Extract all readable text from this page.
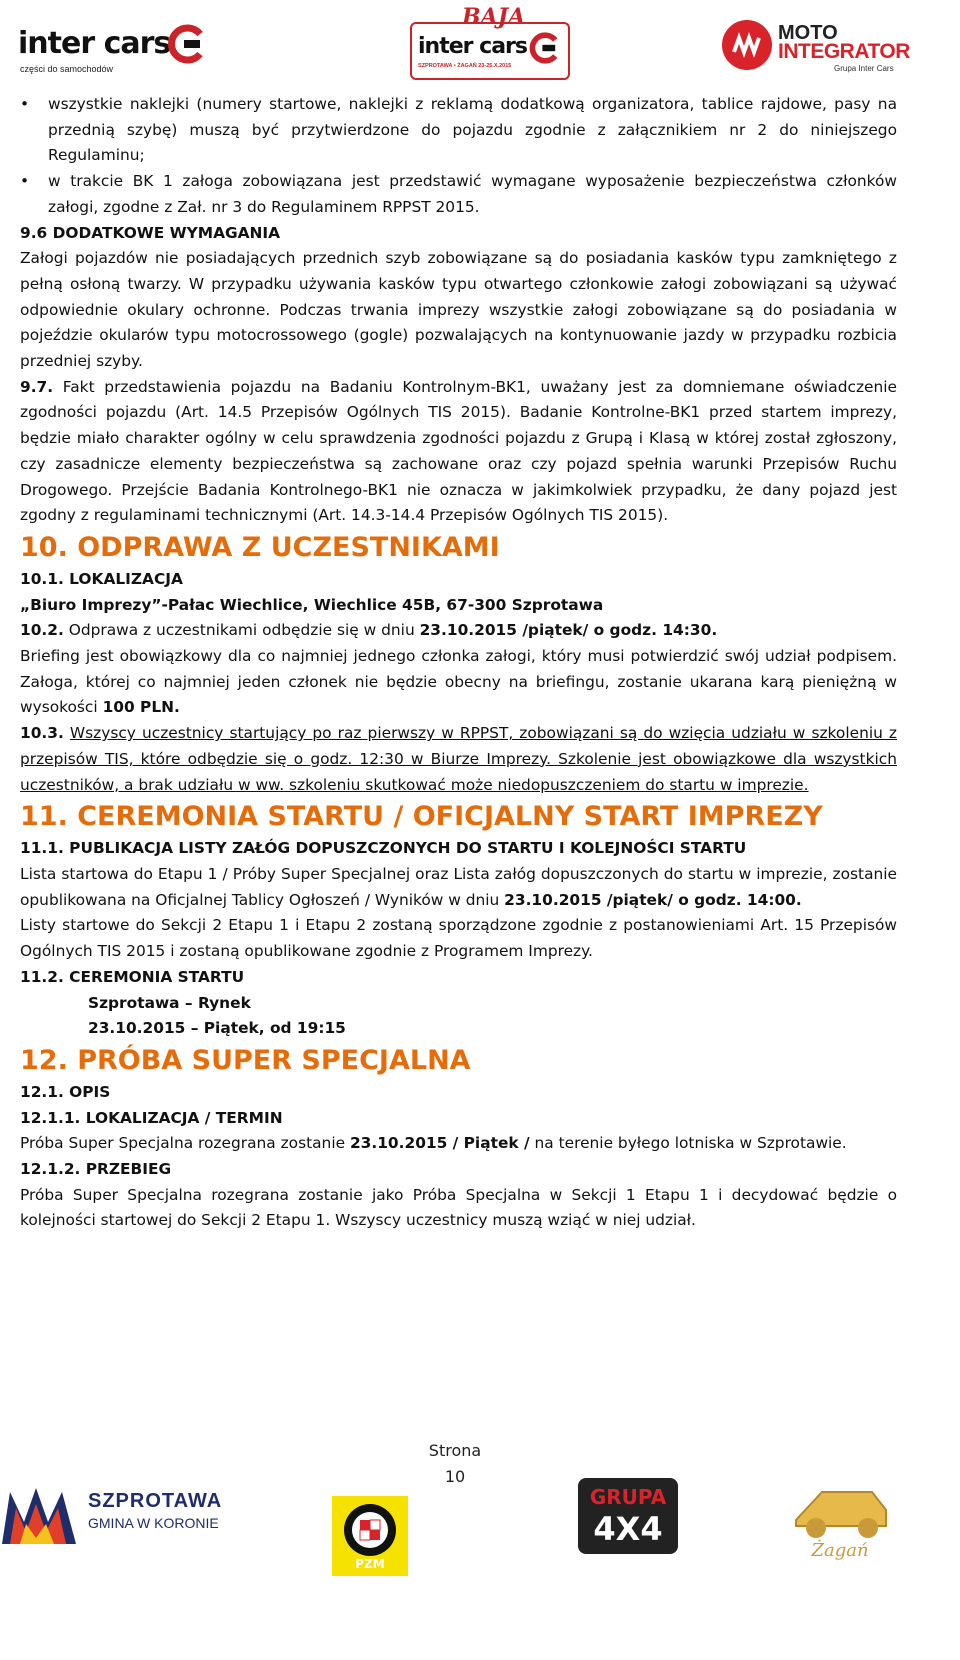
inter cars
części do samochodów
BAJA
inter cars
SZPROTAWA • ŻAGAŃ 23-25.X.2015
MOTO
INTEGRATOR
Grupa Inter Cars
• wszystkie naklejki (numery startowe, naklejki z reklamą dodatkową organizatora, tablice rajdowe, pasy na przednią szybę) muszą być przytwierdzone do pojazdu zgodnie z załącznikiem nr 2 do niniejszego Regulaminu;
• w trakcie BK 1 załoga zobowiązana jest przedstawić wymagane wyposażenie bezpieczeństwa członków załogi, zgodne z Zał. nr 3 do Regulaminem RPPST 2015.

9.6 DODATKOWE WYMAGANIA

Załogi pojazdów nie posiadających przednich szyb zobowiązane są do posiadania kasków typu zamkniętego z pełną osłoną twarzy. W przypadku używania kasków typu otwartego członkowie załogi zobowiązani są używać odpowiednie okulary ochronne. Podczas trwania imprezy wszystkie załogi zobowiązane są do posiadania w pojeździe okularów typu motocrossowego (gogle) pozwalających na kontynuowanie jazdy w przypadku rozbicia przedniej szyby.

9.7. Fakt przedstawienia pojazdu na Badaniu Kontrolnym-BK1, uważany jest za domniemane oświadczenie zgodności pojazdu (Art. 14.5 Przepisów Ogólnych TIS 2015). Badanie Kontrolne-BK1 przed startem imprezy, będzie miało charakter ogólny w celu sprawdzenia zgodności pojazdu z Grupą i Klasą w której został zgłoszony, czy zasadnicze elementy bezpieczeństwa są zachowane oraz czy pojazd spełnia warunki Przepisów Ruchu Drogowego. Przejście Badania Kontrolnego-BK1 nie oznacza w jakimkolwiek przypadku, że dany pojazd jest zgodny z regulaminami technicznymi (Art. 14.3-14.4 Przepisów Ogólnych TIS 2015).

10. ODPRAWA Z UCZESTNIKAMI

10.1. LOKALIZACJA

„Biuro Imprezy”-Pałac Wiechlice, Wiechlice 45B, 67-300 Szprotawa

10.2. Odprawa z uczestnikami odbędzie się w dniu 23.10.2015 /piątek/ o godz. 14:30.

Briefing jest obowiązkowy dla co najmniej jednego członka załogi, który musi potwierdzić swój udział podpisem. Załoga, której co najmniej jeden członek nie będzie obecny na briefingu, zostanie ukarana karą pieniężną w wysokości 100 PLN.

10.3. Wszyscy uczestnicy startujący po raz pierwszy w RPPST, zobowiązani są do wzięcia udziału w szkoleniu z przepisów TIS, które odbędzie się o godz. 12:30 w Biurze Imprezy. Szkolenie jest obowiązkowe dla wszystkich uczestników, a brak udziału w ww. szkoleniu skutkować może niedopuszczeniem do startu w imprezie.

11. CEREMONIA STARTU / OFICJALNY START IMPREZY

11.1. PUBLIKACJA LISTY ZAŁÓG DOPUSZCZONYCH DO STARTU I KOLEJNOŚCI STARTU

Lista startowa do Etapu 1 / Próby Super Specjalnej oraz Lista załóg dopuszczonych do startu w imprezie, zostanie opublikowana na Oficjalnej Tablicy Ogłoszeń / Wyników w dniu 23.10.2015 /piątek/ o godz. 14:00.

Listy startowe do Sekcji 2 Etapu 1 i Etapu 2 zostaną sporządzone zgodnie z postanowieniami Art. 15 Przepisów Ogólnych TIS 2015 i zostaną opublikowane zgodnie z Programem Imprezy.

11.2. CEREMONIA STARTU

Szprotawa – Rynek

23.10.2015 – Piątek, od 19:15

12. PRÓBA SUPER SPECJALNA

12.1. OPIS

12.1.1. LOKALIZACJA / TERMIN

Próba Super Specjalna rozegrana zostanie 23.10.2015 / Piątek / na terenie byłego lotniska w Szprotawie.

12.1.2. PRZEBIEG

Próba Super Specjalna rozegrana zostanie jako Próba Specjalna w Sekcji 1 Etapu 1 i decydować będzie o kolejności startowej do Sekcji 2 Etapu 1. Wszyscy uczestnicy muszą wziąć w niej udział.

Strona
10
SZPROTAWA
GMINA W KORONIE
PZM
GRUPA
4X4
Żagań
